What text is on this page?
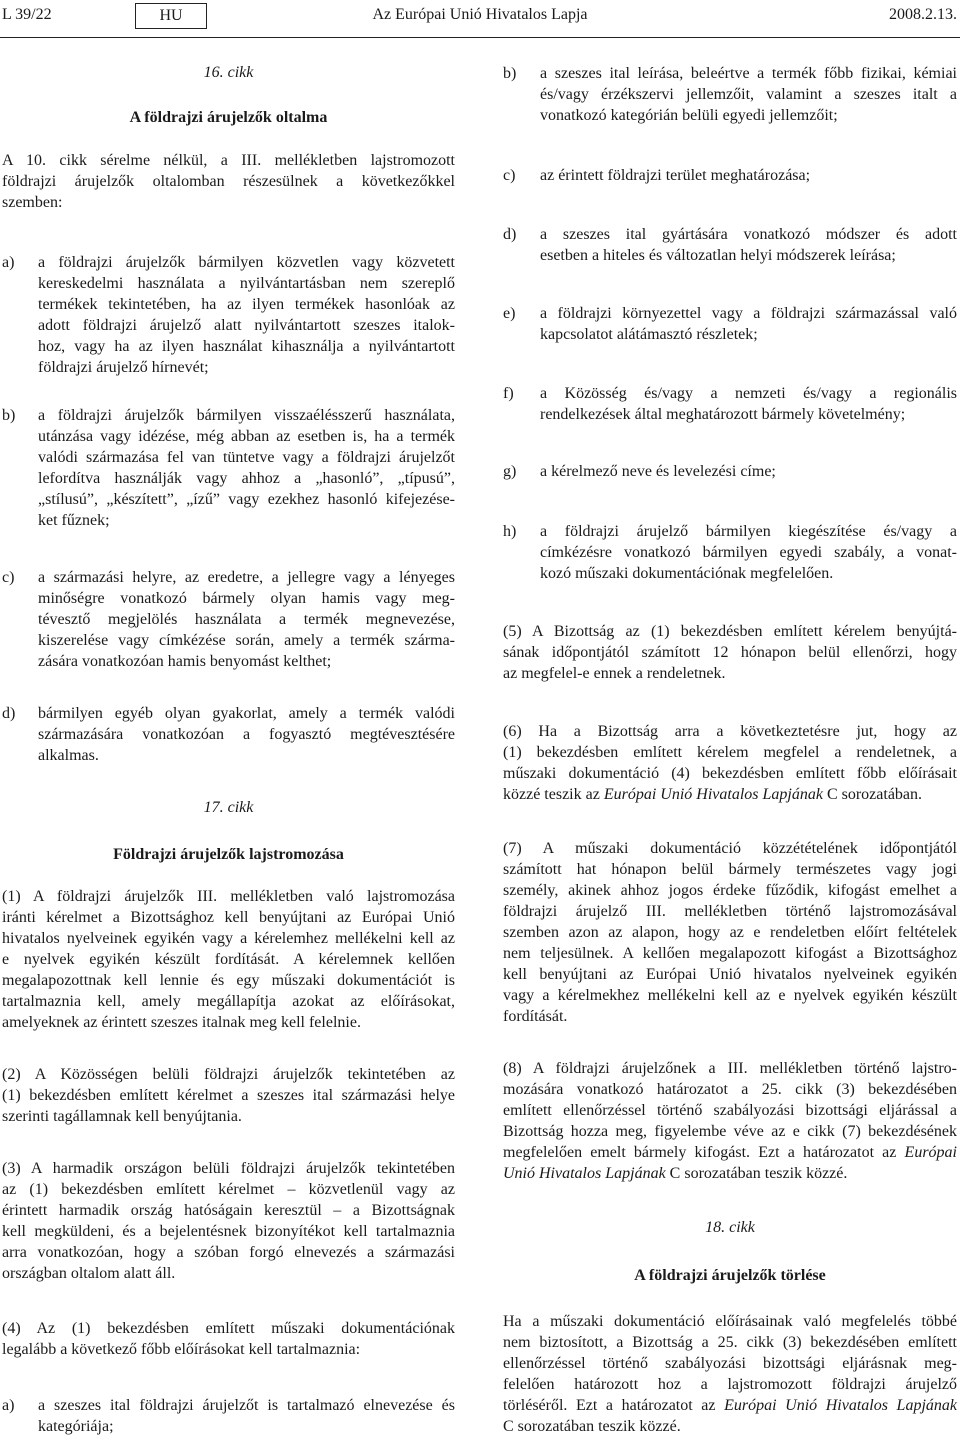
L 39/22	HU	Az Európai Unió Hivatalos Lapja	2008.2.13.
16. cikk
A földrajzi árujelzők oltalma
A 10. cikk sérelme nélkül, a III. mellékletben lajstromozott
földrajzi árujelzők oltalomban részesülnek a következőkkel
szemben:
a) a földrajzi árujelzők bármilyen közvetlen vagy közvetett
kereskedelmi használata a nyilvántartásban nem szereplő
termékek tekintetében, ha az ilyen termékek hasonlóak az
adott földrajzi árujelző alatt nyilvántartott szeszes italok-
hoz, vagy ha az ilyen használat kihasználja a nyilvántartott
földrajzi árujelző hírnevét;
b) a földrajzi árujelzők bármilyen visszaélésszerű használata,
utánzása vagy idézése, még abban az esetben is, ha a termék
valódi származása fel van tüntetve vagy a földrajzi árujelzőt
lefordítva használják vagy ahhoz a „hasonló”, „típusú”,
„stílusú”, „készített”, „ízű” vagy ezekhez hasonló kifejezése-
ket fűznek;
c) a származási helyre, az eredetre, a jellegre vagy a lényeges
minőségre vonatkozó bármely olyan hamis vagy meg-
tévesztő megjelölés használata a termék megnevezése,
kiszerelése vagy címkézése során, amely a termék szárma-
zására vonatkozóan hamis benyomást kelthet;
d) bármilyen egyéb olyan gyakorlat, amely a termék valódi
származására vonatkozóan a fogyasztó megtévesztésére
alkalmas.
17. cikk
Földrajzi árujelzők lajstromozása
(1) A földrajzi árujelzők III. mellékletben való lajstromozása
iránti kérelmet a Bizottsághoz kell benyújtani az Európai Unió
hivatalos nyelveinek egyikén vagy a kérelemhez mellékelni kell az
e nyelvek egyikén készült fordítását. A kérelemnek kellően
megalapozottnak kell lennie és egy műszaki dokumentációt is
tartalmaznia kell, amely megállapítja azokat az előírásokat,
amelyeknek az érintett szeszes italnak meg kell felelnie.
(2) A Közösségen belüli földrajzi árujelzők tekintetében az
(1) bekezdésben említett kérelmet a szeszes ital származási helye
szerinti tagállamnak kell benyújtania.
(3) A harmadik országon belüli földrajzi árujelzők tekintetében
az (1) bekezdésben említett kérelmet – közvetlenül vagy az
érintett harmadik ország hatóságain keresztül – a Bizottságnak
kell megküldeni, és a bejelentésnek bizonyítékot kell tartalmaznia
arra vonatkozóan, hogy a szóban forgó elnevezés a származási
országban oltalom alatt áll.
(4) Az (1) bekezdésben említett műszaki dokumentációnak
legalább a következő főbb előírásokat kell tartalmaznia:
a) a szeszes ital földrajzi árujelzőt is tartalmazó elnevezése és
kategóriája;
b) a szeszes ital leírása, beleértve a termék főbb fizikai, kémiai
és/vagy érzékszervi jellemzőit, valamint a szeszes italt a
vonatkozó kategórián belüli egyedi jellemzőit;
c) az érintett földrajzi terület meghatározása;
d) a szeszes ital gyártására vonatkozó módszer és adott
esetben a hiteles és változatlan helyi módszerek leírása;
e) a földrajzi környezettel vagy a földrajzi származással való
kapcsolatot alátámasztó részletek;
f) a Közösség és/vagy a nemzeti és/vagy a regionális
rendelkezések által meghatározott bármely követelmény;
g) a kérelmező neve és levelezési címe;
h) a földrajzi árujelző bármilyen kiegészítése és/vagy a
címkézésre vonatkozó bármilyen egyedi szabály, a vonat-
kozó műszaki dokumentációnak megfelelően.
(5) A Bizottság az (1) bekezdésben említett kérelem benyújtá-
sának időpontjától számított 12 hónapon belül ellenőrzi, hogy
az megfelel-e ennek a rendeletnek.
(6) Ha a Bizottság arra a következtetésre jut, hogy az
(1) bekezdésben említett kérelem megfelel a rendeletnek, a
műszaki dokumentáció (4) bekezdésben említett főbb előírásait
közzé teszik az Európai Unió Hivatalos Lapjának C sorozatában.
(7) A műszaki dokumentáció közzétételének időpontjától
számított hat hónapon belül bármely természetes vagy jogi
személy, akinek ahhoz jogos érdeke fűződik, kifogást emelhet a
földrajzi árujelző III. mellékletben történő lajstromozásával
szemben azon az alapon, hogy az e rendeletben előírt feltételek
nem teljesülnek. A kellően megalapozott kifogást a Bizottsághoz
kell benyújtani az Európai Unió hivatalos nyelveinek egyikén
vagy a kérelmekhez mellékelni kell az e nyelvek egyikén készült
fordítását.
(8) A földrajzi árujelzőnek a III. mellékletben történő lajstro-
mozására vonatkozó határozatot a 25. cikk (3) bekezdésében
említett ellenőrzéssel történő szabályozási bizottsági eljárással a
Bizottság hozza meg, figyelembe véve az e cikk (7) bekezdésének
megfelelően emelt bármely kifogást. Ezt a határozatot az Európai
Unió Hivatalos Lapjának C sorozatában teszik közzé.
18. cikk
A földrajzi árujelzők törlése
Ha a műszaki dokumentáció előírásainak való megfelelés többé
nem biztosított, a Bizottság a 25. cikk (3) bekezdésében említett
ellenőrzéssel történő szabályozási bizottsági eljárásnak meg-
felelően határozott hoz a lajstromozott földrajzi árujelző
törléséről. Ezt a határozatot az Európai Unió Hivatalos Lapjának
C sorozatában teszik közzé.
